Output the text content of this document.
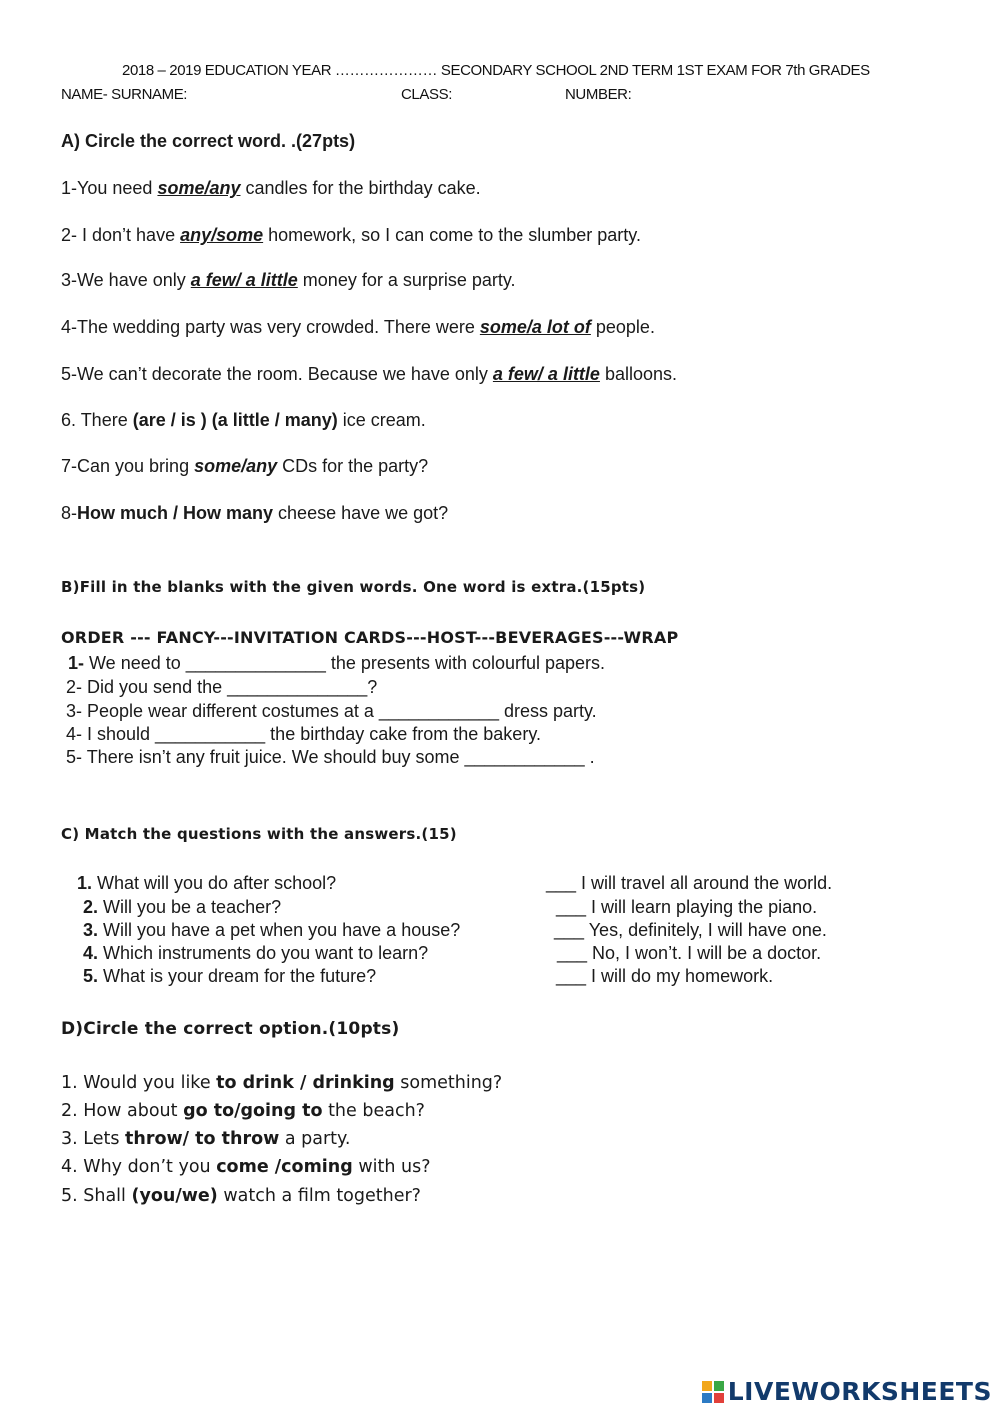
2018 – 2019 EDUCATION YEAR ………………… SECONDARY SCHOOL 2ND TERM 1ST EXAM FOR 7th GRADES
NAME- SURNAME:	CLASS:	NUMBER:
A) Circle the correct word. .(27pts)
1-You need some/any candles for the birthday cake.
2- I don’t have any/some homework, so I can come to the slumber party.
3-We have only a few/ a little money for a surprise party.
4-The wedding party was very crowded. There were some/a lot of people.
5-We can’t decorate the room. Because we have only a few/ a little balloons.
6. There (are / is ) (a little / many) ice cream.
7-Can you bring some/any CDs for the party?
8-How much / How many cheese have we got?
B)Fill in the blanks with the given words. One word is extra.(15pts)
ORDER --- FANCY---INVITATION CARDS---HOST---BEVERAGES---WRAP
1- We need to ______________ the presents with colourful papers.
2- Did you send the ______________?
3- People wear different costumes at a ____________ dress party.
4- I should ___________ the birthday cake from the bakery.
5- There isn’t any fruit juice. We should buy some ____________ .
C) Match the questions with the answers.(15)
1. What will you do after school?
2. Will you be a teacher?
3. Will you have a pet when you have a house?
4. Which instruments do you want to learn?
5. What is your dream for the future?
___ I will travel all around the world.
___ I will learn playing the piano.
___ Yes, definitely, I will have one.
___ No, I won’t. I will be a doctor.
___ I will do my homework.
D)Circle the correct option.(10pts)
1. Would you like to drink / drinking something?
2. How about go to/going to the beach?
3. Lets throw/ to throw a party.
4. Why don’t you come /coming with us?
5. Shall (you/we) watch a film together?
LIVEWORKSHEETS
